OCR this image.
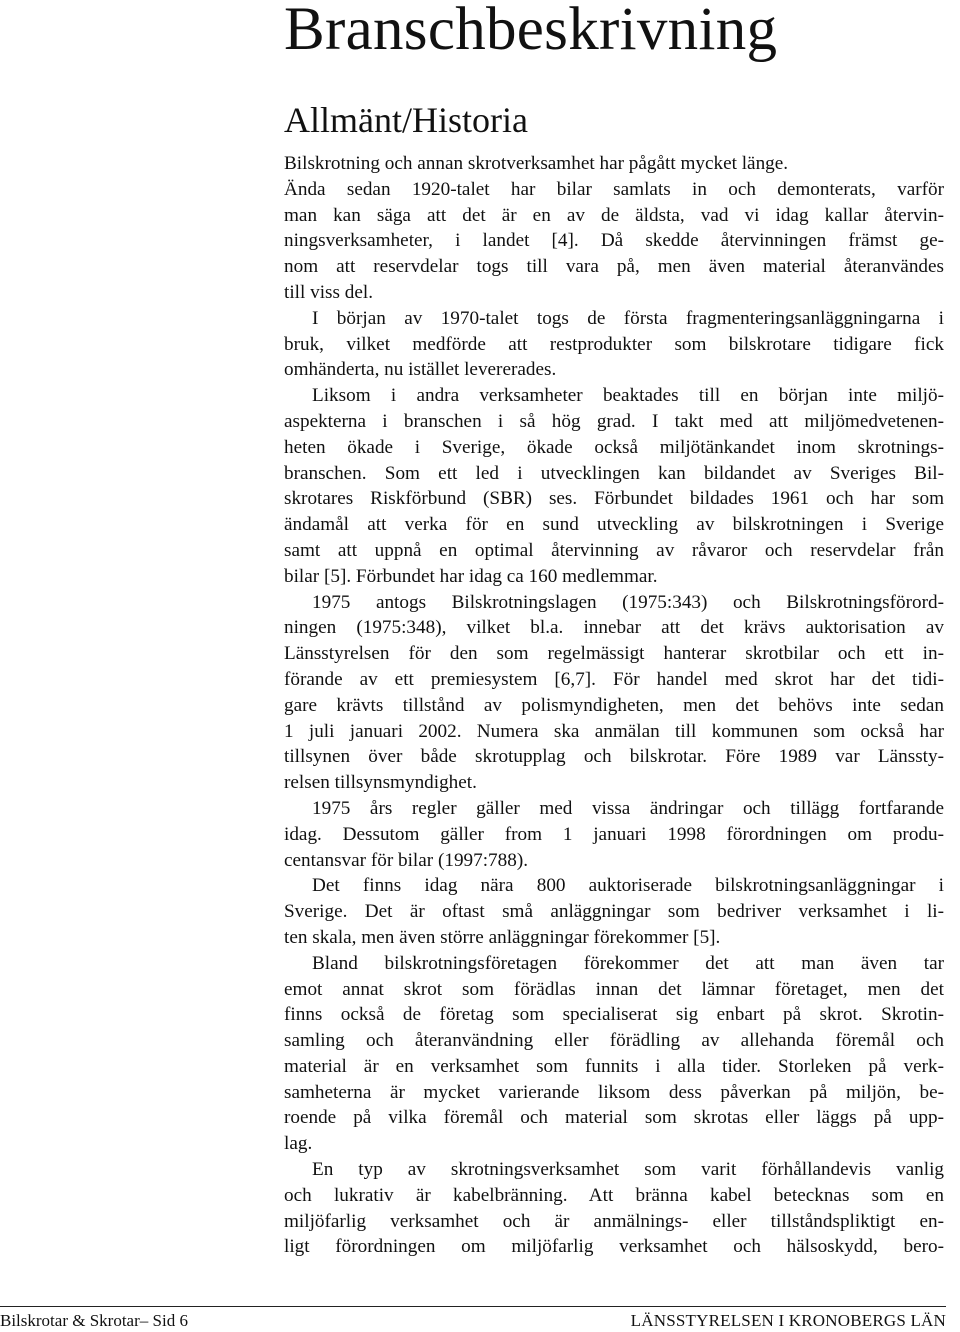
Branschbeskrivning
Allmänt/Historia
Bilskrotning och annan skrotverksamhet har pågått mycket länge.
Ända sedan 1920-talet har bilar samlats in och demonterats, varför
man kan säga att det är en av de äldsta, vad vi idag kallar återvin-
ningsverksamheter, i landet [4]. Då skedde återvinningen främst ge-
nom att reservdelar togs till vara på, men även material återanvändes
till viss del.
I början av 1970-talet togs de första fragmenteringsanläggningarna i
bruk, vilket medförde att restprodukter som bilskrotare tidigare fick
omhänderta, nu istället levererades.
Liksom i andra verksamheter beaktades till en början inte miljö-
aspekterna i branschen i så hög grad. I takt med att miljömedvetenen-
heten ökade i Sverige, ökade också miljötänkandet inom skrotnings-
branschen. Som ett led i utvecklingen kan bildandet av Sveriges Bil-
skrotares Riskförbund (SBR) ses. Förbundet bildades 1961 och har som
ändamål att verka för en sund utveckling av bilskrotningen i Sverige
samt att uppnå en optimal återvinning av råvaror och reservdelar från
bilar [5]. Förbundet har idag ca 160 medlemmar.
1975 antogs Bilskrotningslagen (1975:343) och Bilskrotningsförord-
ningen (1975:348), vilket bl.a. innebar att det krävs auktorisation av
Länsstyrelsen för den som regelmässigt hanterar skrotbilar och ett in-
förande av ett premiesystem [6,7]. För handel med skrot har det tidi-
gare krävts tillstånd av polismyndigheten, men det behövs inte sedan
1 juli januari 2002. Numera ska anmälan till kommunen som också har
tillsynen över både skrotupplag och bilskrotar. Före 1989 var Länssty-
relsen tillsynsmyndighet.
1975 års regler gäller med vissa ändringar och tillägg fortfarande
idag. Dessutom gäller from 1 januari 1998 förordningen om produ-
centansvar för bilar (1997:788).
Det finns idag nära 800 auktoriserade bilskrotningsanläggningar i
Sverige. Det är oftast små anläggningar som bedriver verksamhet i li-
ten skala, men även större anläggningar förekommer [5].
Bland bilskrotningsföretagen förekommer det att man även tar
emot annat skrot som förädlas innan det lämnar företaget, men det
finns också de företag som specialiserat sig enbart på skrot. Skrotin-
samling och återanvändning eller förädling av allehanda föremål och
material är en verksamhet som funnits i alla tider. Storleken på verk-
samheterna är mycket varierande liksom dess påverkan på miljön, be-
roende på vilka föremål och material som skrotas eller läggs på upp-
lag.
En typ av skrotningsverksamhet som varit förhållandevis vanlig
och lukrativ är kabelbränning. Att bränna kabel betecknas som en
miljöfarlig verksamhet och är anmälnings- eller tillståndspliktigt en-
ligt förordningen om miljöfarlig verksamhet och hälsoskydd, bero-
Bilskrotar & Skrotar– Sid 6	LÄNSSTYRELSEN I KRONOBERGS LÄN
